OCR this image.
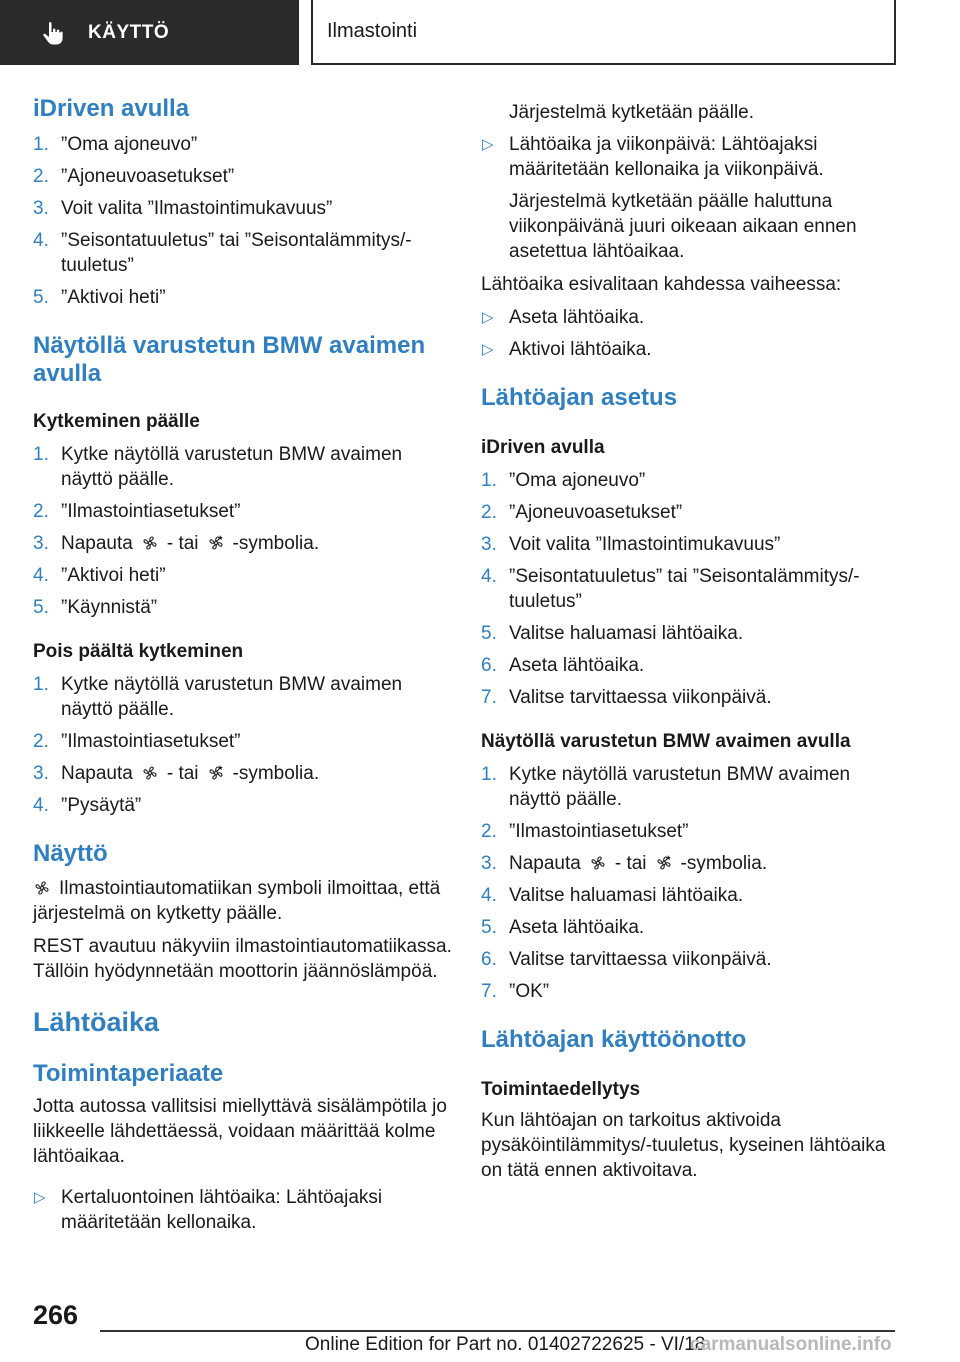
KÄYTTÖ	Ilmastointi
iDriven avulla
1. ”Oma ajoneuvo”
2. ”Ajoneuvoasetukset”
3. Voit valita ”Ilmastointimukavuus”
4. ”Seisontatuuletus” tai ”Seisontalämmitys/-tuuletus”
5. ”Aktivoi heti”
Näytöllä varustetun BMW avaimen avulla
Kytkeminen päälle
1. Kytke näytöllä varustetun BMW avaimen näyttö päälle.
2. ”Ilmastointiasetukset”
3. Napauta - tai -symbolia.
4. ”Aktivoi heti”
5. ”Käynnistä”
Pois päältä kytkeminen
1. Kytke näytöllä varustetun BMW avaimen näyttö päälle.
2. ”Ilmastointiasetukset”
3. Napauta - tai -symbolia.
4. ”Pysäytä”
Näyttö

Ilmastointiautomatiikan symboli ilmoittaa, että järjestelmä on kytketty päälle.

REST avautuu näkyviin ilmastointiautomatiikassa. Tällöin hyödynnetään moottorin jäännöslämpöä.

Lähtöaika
Toimintaperiaate

Jotta autossa vallitsisi miellyttävä sisälämpötila jo liikkeelle lähdettäessä, voidaan määrittää kolme lähtöaikaa.

▷ Kertaluontoinen lähtöaika: Lähtöajaksi määritetään kellonaika.

Järjestelmä kytketään päälle.

▷ Lähtöaika ja viikonpäivä: Lähtöajaksi määritetään kellonaika ja viikonpäivä.

Järjestelmä kytketään päälle haluttuna viikonpäivänä juuri oikeaan aikaan ennen asetettua lähtöaikaa.

Lähtöaika esivalitaan kahdessa vaiheessa:

▷ Aseta lähtöaika.
▷ Aktivoi lähtöaika.
Lähtöajan asetus
iDriven avulla
1. ”Oma ajoneuvo”
2. ”Ajoneuvoasetukset”
3. Voit valita ”Ilmastointimukavuus”
4. ”Seisontatuuletus” tai ”Seisontalämmitys/-tuuletus”
5. Valitse haluamasi lähtöaika.
6. Aseta lähtöaika.
7. Valitse tarvittaessa viikonpäivä.
Näytöllä varustetun BMW avaimen avulla
1. Kytke näytöllä varustetun BMW avaimen näyttö päälle.
2. ”Ilmastointiasetukset”
3. Napauta - tai -symbolia.
4. Valitse haluamasi lähtöaika.
5. Aseta lähtöaika.
6. Valitse tarvittaessa viikonpäivä.
7. ”OK”
Lähtöajan käyttöönotto
Toimintaedellytys

Kun lähtöajan on tarkoitus aktivoida pysäköintilämmitys/-tuuletus, kyseinen lähtöaika on tätä ennen aktivoitava.

266
Online Edition for Part no. 01402722625 - VI/18
carmanualsonline.info
